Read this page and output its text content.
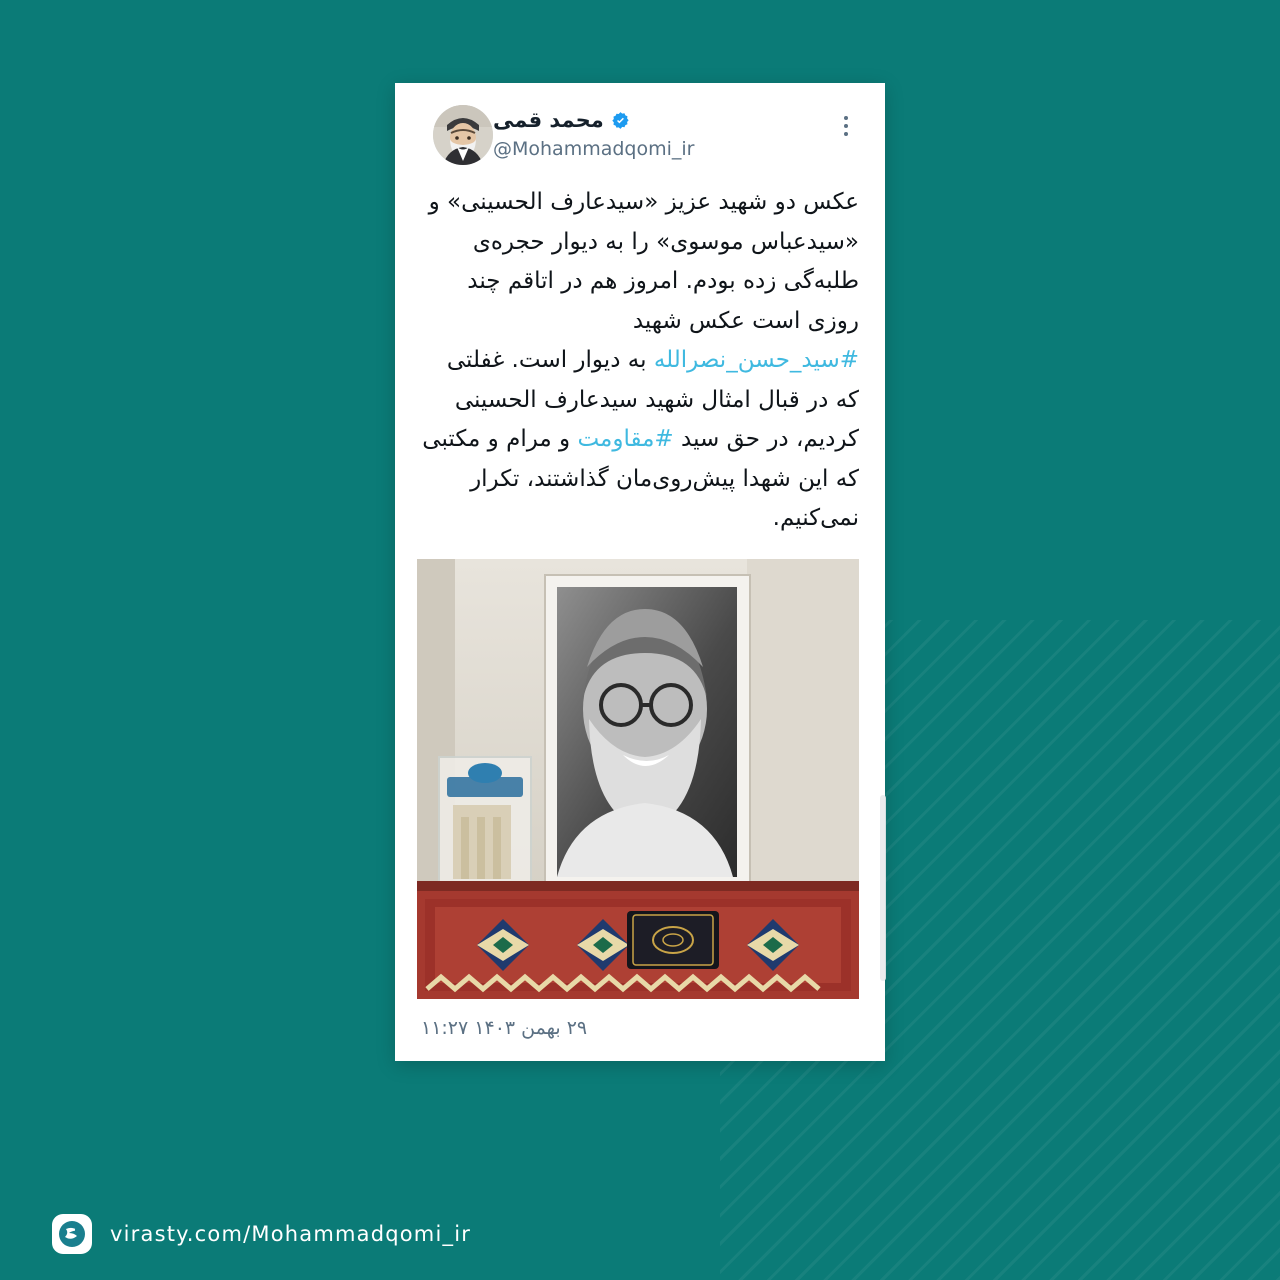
محمد قمی
@Mohammadqomi_ir
عکس دو شهید عزیز «سیدعارف الحسینی» و «سیدعباس موسوی» را به دیوار حجره‌ی طلبه‌گی زده بودم. امروز هم در اتاقم چند روزی است عکس شهید #سید_حسن_نصرالله به دیوار است. غفلتی که در قبال امثال شهید سیدعارف الحسینی کردیم، در حق سید #مقاومت و مرام و مکتبی که این شهدا پیش‌روی‌مان گذاشتند، تکرار نمی‌کنیم.
۲۹ بهمن ۱۴۰۳ ۱۱:۲۷
virasty.com/Mohammadqomi_ir
